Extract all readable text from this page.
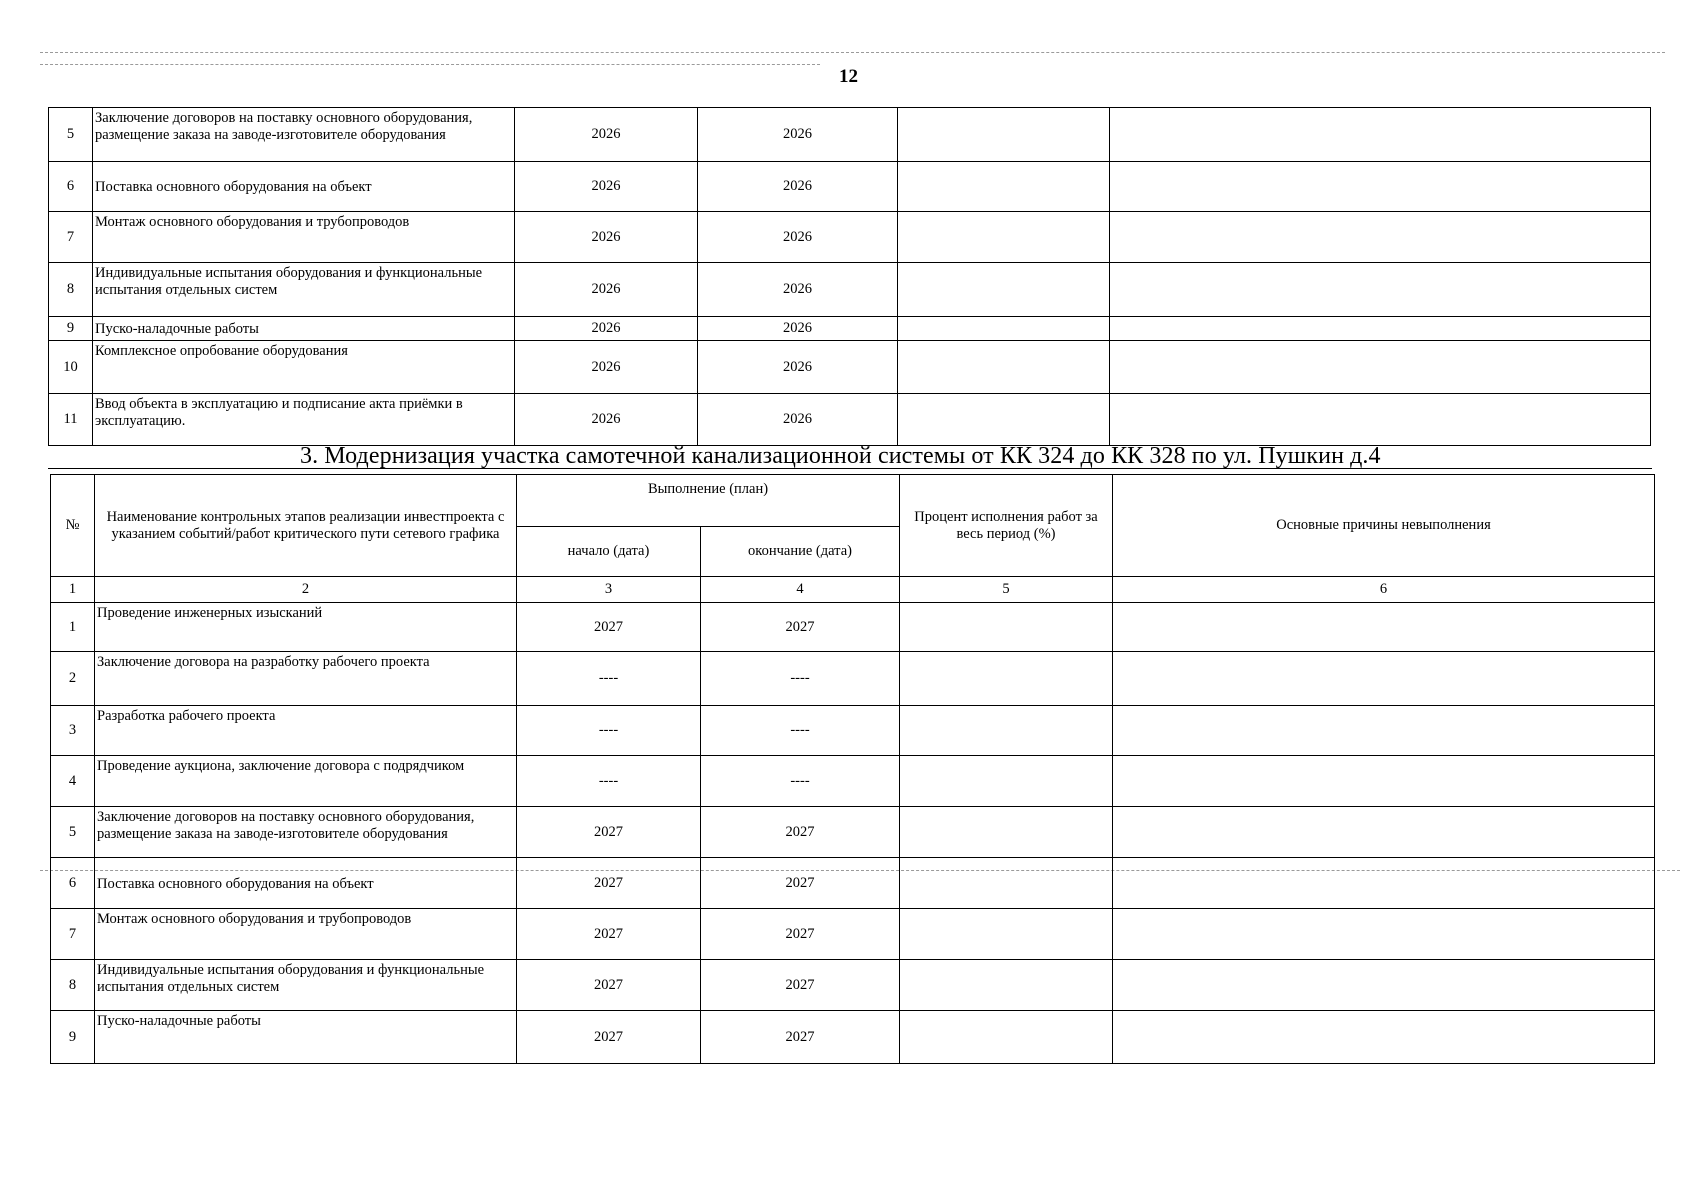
12
5	Заключение договоров на поставку основного оборудования, размещение заказа на заводе-изготовителе оборудования	2026	2026		
6	Поставка основного оборудования на объект	2026	2026		
7	Монтаж основного оборудования и трубопроводов	2026	2026		
8	Индивидуальные испытания оборудования и функциональные испытания отдельных систем	2026	2026		
9	Пуско-наладочные работы	2026	2026		
10	Комплексное опробование оборудования	2026	2026		
11	Ввод объекта в эксплуатацию и подписание акта приёмки в эксплуатацию.	2026	2026		
3. Модернизация участка самотечной канализационной системы от КК 324 до КК 328 по ул. Пушкин д.4
№	Наименование контрольных этапов реализации инвестпроекта с указанием событий/работ критического пути сетевого графика	Выполнение (план)		Процент исполнения работ за весь период (%)	Основные причины невыполнения
		начало (дата)	окончание (дата)		
1	2	3	4	5	6
1	Проведение инженерных изысканий	2027	2027		
2	Заключение договора на разработку рабочего проекта	----	----		
3	Разработка рабочего проекта	----	----		
4	Проведение аукциона, заключение договора с подрядчиком	----	----		
5	Заключение договоров на поставку основного оборудования, размещение заказа на заводе-изготовителе оборудования	2027	2027		
6	Поставка основного оборудования на объект	2027	2027		
7	Монтаж основного оборудования и трубопроводов	2027	2027		
8	Индивидуальные испытания оборудования и функциональные испытания отдельных систем	2027	2027		
9	Пуско-наладочные работы	2027	2027		
